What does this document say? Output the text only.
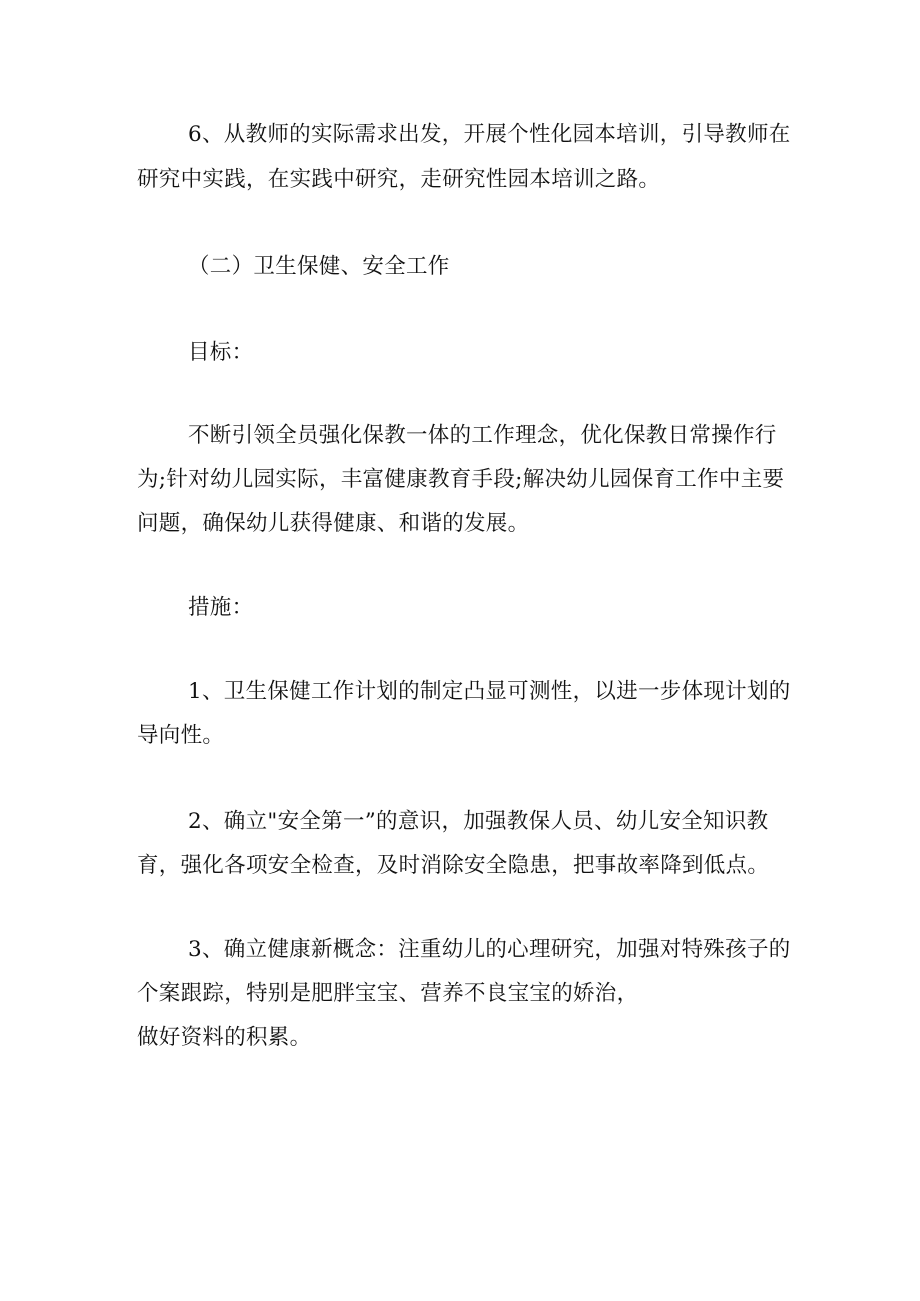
6、从教师的实际需求出发，开展个性化园本培训，引导教师在
研究中实践，在实践中研究，走研究性园本培训之路。
（二）卫生保健、安全工作
目标：
不断引领全员强化保教一体的工作理念，优化保教日常操作行
为;针对幼儿园实际，丰富健康教育手段;解决幼儿园保育工作中主要
问题，确保幼儿获得健康、和谐的发展。
措施：
1、卫生保健工作计划的制定凸显可测性，以进一步体现计划的
导向性。
2、确立"安全第一”的意识，加强教保人员、幼儿安全知识教
育，强化各项安全检查，及时消除安全隐患，把事故率降到低点。
3、确立健康新概念：注重幼儿的心理研究，加强对特殊孩子的
个案跟踪，特别是肥胖宝宝、营养不良宝宝的娇治，
做好资料的积累。
